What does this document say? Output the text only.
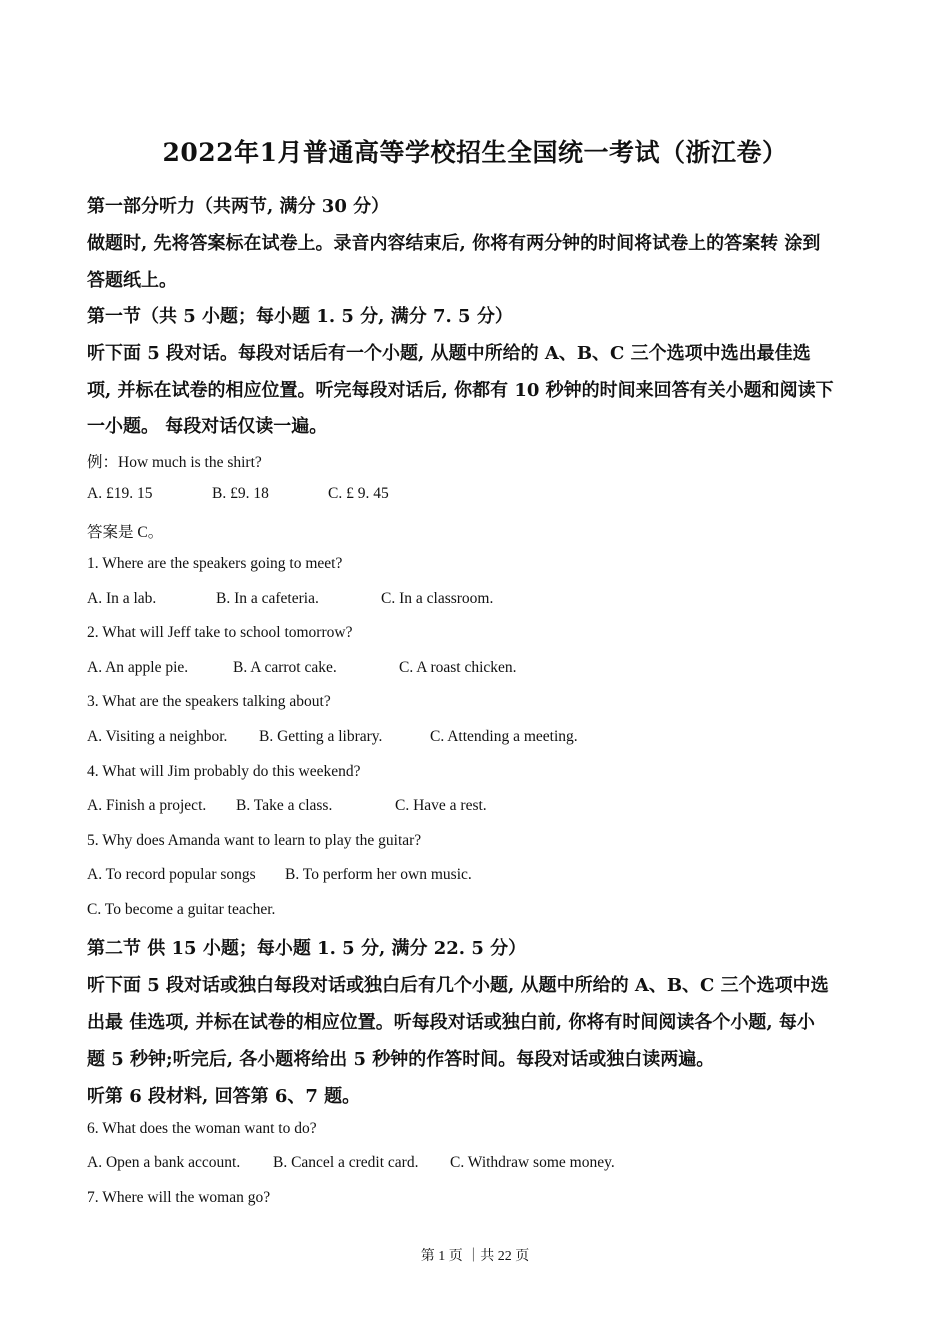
2022年1月普通高等学校招生全国统一考试（浙江卷）
第一部分听力（共两节, 满分 30 分）
做题时, 先将答案标在试卷上。录音内容结束后, 你将有两分钟的时间将试卷上的答案转 涂到
答题纸上。
第一节（共 5 小题；每小题 1. 5 分, 满分 7. 5 分）
听下面 5 段对话。每段对话后有一个小题, 从题中所给的 A、B、C 三个选项中选出最佳选
项, 并标在试卷的相应位置。听完每段对话后, 你都有 10 秒钟的时间来回答有关小题和阅读下
一小题。 每段对话仅读一遍。
例：How much is the shirt?
A. £19. 15	B. £9. 18	C. £ 9. 45
答案是 C。
1. Where are the speakers going to meet?
A. In a lab.	B. In a cafeteria.	C. In a classroom.
2. What will Jeff take to school tomorrow?
A. An apple pie.	B. A carrot cake.	C. A roast chicken.
3. What are the speakers talking about?
A. Visiting a neighbor. B. Getting a library.	C. Attending a meeting.
4. What will Jim probably do this weekend?
A. Finish a project. B. Take a class.	C. Have a rest.
5. Why does Amanda want to learn to play the guitar?
A. To record popular songs B. To perform her own music.
C. To become a guitar teacher.
第二节 供 15 小题；每小题 1. 5 分, 满分 22. 5 分）
听下面 5 段对话或独白每段对话或独白后有几个小题, 从题中所给的 A、B、C 三个选项中选
出最 佳选项, 并标在试卷的相应位置。听每段对话或独白前, 你将有时间阅读各个小题, 每小
题 5 秒钟;听完后, 各小题将给出 5 秒钟的作答时间。每段对话或独白读两遍。
听第 6 段材料, 回答第 6、7 题。
6. What does the woman want to do?
A. Open a bank account. B. Cancel a credit card. C. Withdraw some money.
7. Where will the woman go?
第 1 页 ｜共 22 页
